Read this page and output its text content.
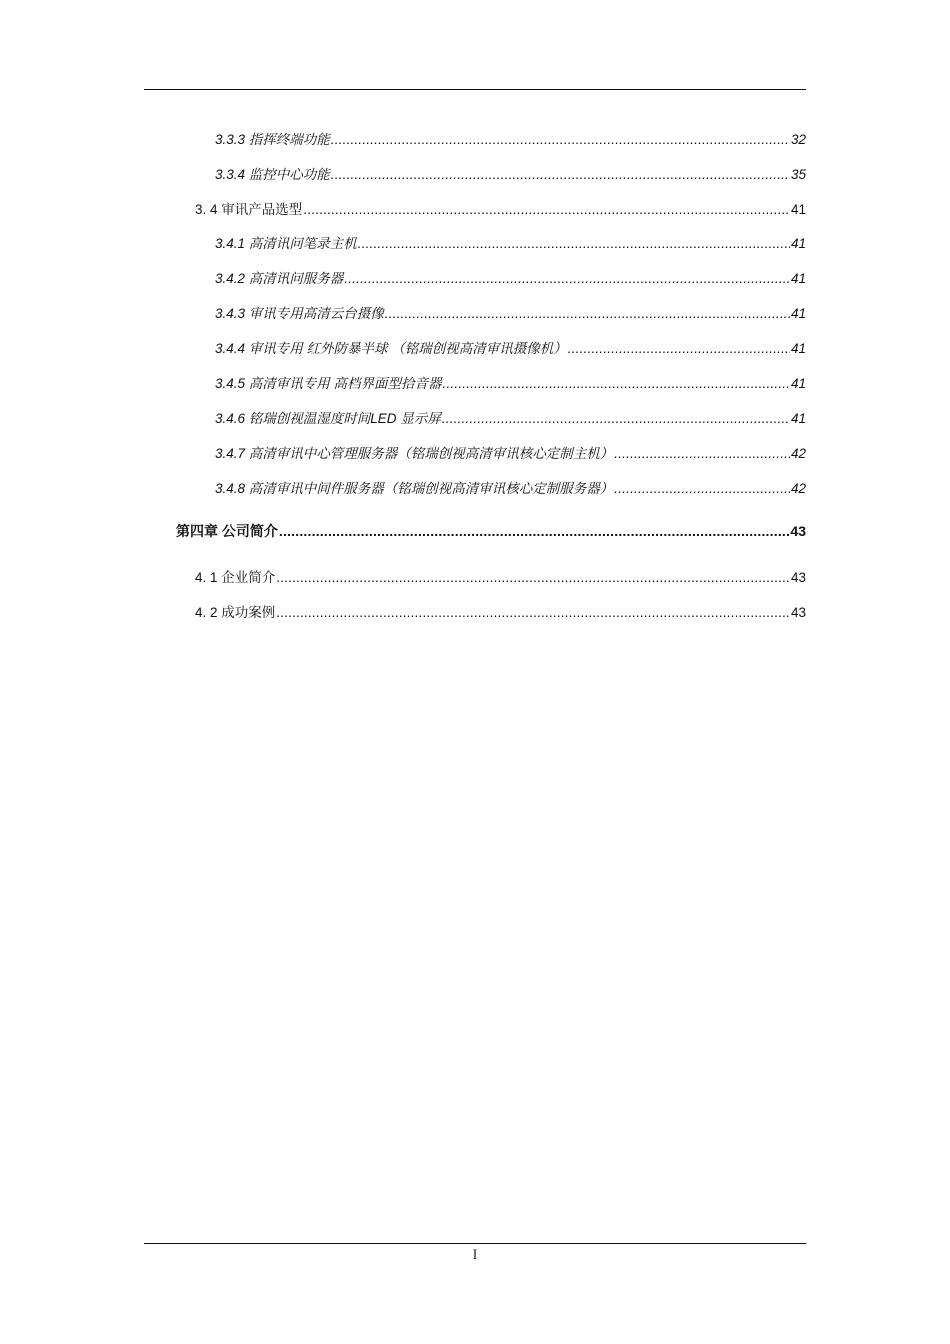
3.3.3 指挥终端功能 .....	32
3.3.4 监控中心功能 .....	35
3. 4 审讯产品选型 .....	41
3.4.1 高清讯问笔录主机 .....	41
3.4.2 高清讯问服务器 .....	41
3.4.3 审讯专用高清云台摄像 .....	41
3.4.4 审讯专用 红外防暴半球 （铭瑞创视高清审讯摄像机） .....	41
3.4.5 高清审讯专用 高档界面型拾音器 .....	41
3.4.6 铭瑞创视温湿度时间LED 显示屏 .....	41
3.4.7 高清审讯中心管理服务器（铭瑞创视高清审讯核心定制主机） .....	42
3.4.8 高清审讯中间件服务器（铭瑞创视高清审讯核心定制服务器） .....	42
第四章 公司简介 .....	43
4. 1 企业简介 .....	43
4. 2 成功案例 .....	43
I
